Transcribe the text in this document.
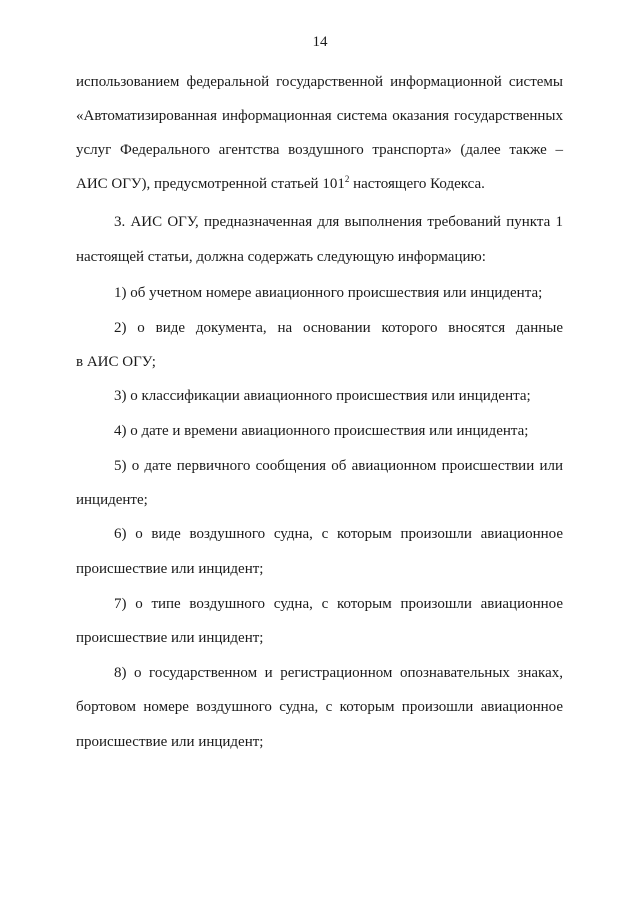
14
использованием федеральной государственной информационной системы
«Автоматизированная информационная система оказания государственных
услуг Федерального агентства воздушного транспорта» (далее также –
АИС ОГУ), предусмотренной статьей $101^2$ настоящего Кодекса.
3. АИС ОГУ, предназначенная для выполнения требований пункта 1
настоящей статьи, должна содержать следующую информацию:
1) об учетном номере авиационного происшествия или инцидента;
2) о виде документа, на основании которого вносятся данные
в АИС ОГУ;
3) о классификации авиационного происшествия или инцидента;
4) о дате и времени авиационного происшествия или инцидента;
5) о дате первичного сообщения об авиационном происшествии или
инциденте;
6) о виде воздушного судна, с которым произошли авиационное
происшествие или инцидент;
7) о типе воздушного судна, с которым произошли авиационное
происшествие или инцидент;
8) о государственном и регистрационном опознавательных знаках,
бортовом номере воздушного судна, с которым произошли авиационное
происшествие или инцидент;
